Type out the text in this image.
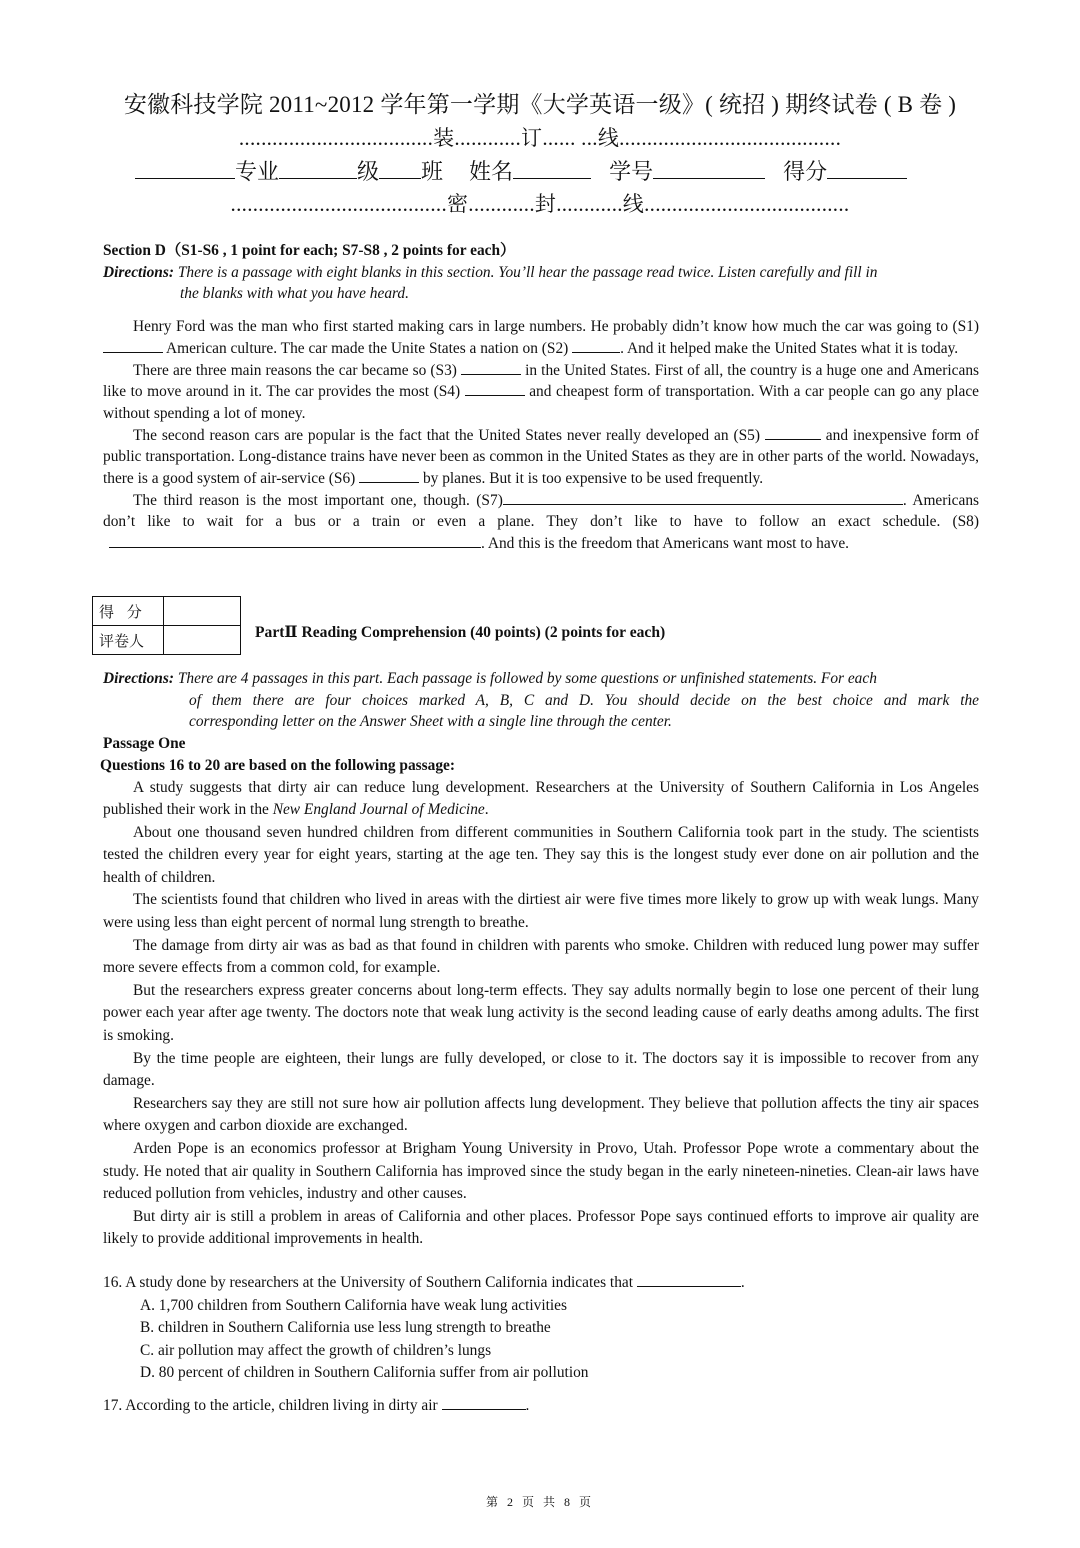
安徽科技学院 2011~2012 学年第一学期《大学英语一级》( 统招 ) 期终试卷 ( B 卷 )
...................................装............订...... ...线........................................
专业	级 班 姓名	学号	得分
.......................................密............封............线.....................................
Section D（S1-S6 , 1 point for each; S7-S8 , 2 points for each）
Directions: There is a passage with eight blanks in this section. You’ll hear the passage read twice. Listen carefully and fill in
the blanks with what you have heard.
Henry Ford was the man who first started making cars in large numbers. He probably didn’t know how much the car was going to (S1)  American culture. The car made the Unite States a nation on (S2)	. And it helped make the United States what it is today.
There are three main reasons the car became so (S3)	in the United States. First of all, the country is a huge one and Americans like to move around in it. The car provides the most (S4)	and cheapest form of transportation. With a car people can go any place without spending a lot of money.
The second reason cars are popular is the fact that the United States never really developed an (S5)	and inexpensive form of public transportation. Long-distance trains have never been as common in the United States as they are in other parts of the world. Nowadays, there is a good system of air-service (S6)	by planes. But it is too expensive to be used frequently.
The third reason is the most important one, though. (S7)	. Americans don’t like to wait for a bus or a train or even a plane. They don’t like to have to follow an exact schedule. (S8). And this is the freedom that Americans want most to have.
得 分	
评卷人		PartⅡ Reading Comprehension (40 points) (2 points for each)
Directions: There are 4 passages in this part. Each passage is followed by some questions or unfinished statements. For each
of them there are four choices marked A, B, C and D. You should decide on the best choice and mark the
corresponding letter on the Answer Sheet with a single line through the center.
Passage One
Questions 16 to 20 are based on the following passage:
A study suggests that dirty air can reduce lung development. Researchers at the University of Southern California in Los Angeles published their work in the New England Journal of Medicine.
About one thousand seven hundred children from different communities in Southern California took part in the study. The scientists tested the children every year for eight years, starting at the age ten. They say this is the longest study ever done on air pollution and the health of children.
The scientists found that children who lived in areas with the dirtiest air were five times more likely to grow up with weak lungs. Many were using less than eight percent of normal lung strength to breathe.
The damage from dirty air was as bad as that found in children with parents who smoke. Children with reduced lung power may suffer more severe effects from a common cold, for example.
But the researchers express greater concerns about long-term effects. They say adults normally begin to lose one percent of their lung power each year after age twenty. The doctors note that weak lung activity is the second leading cause of early deaths among adults. The first is smoking.
By the time people are eighteen, their lungs are fully developed, or close to it. The doctors say it is impossible to recover from any damage.
Researchers say they are still not sure how air pollution affects lung development. They believe that pollution affects the tiny air spaces where oxygen and carbon dioxide are exchanged.
Arden Pope is an economics professor at Brigham Young University in Provo, Utah. Professor Pope wrote a commentary about the study. He noted that air quality in Southern California has improved since the study began in the early nineteen-nineties. Clean-air laws have reduced pollution from vehicles, industry and other causes.
But dirty air is still a problem in areas of California and other places. Professor Pope says continued efforts to improve air quality are likely to provide additional improvements in health.
16. A study done by researchers at the University of Southern California indicates that	.
A. 1,700 children from Southern California have weak lung activities
B. children in Southern California use less lung strength to breathe
C. air pollution may affect the growth of children’s lungs
D. 80 percent of children in Southern California suffer from air pollution
17. According to the article, children living in dirty air	.
第 2 页 共 8 页
